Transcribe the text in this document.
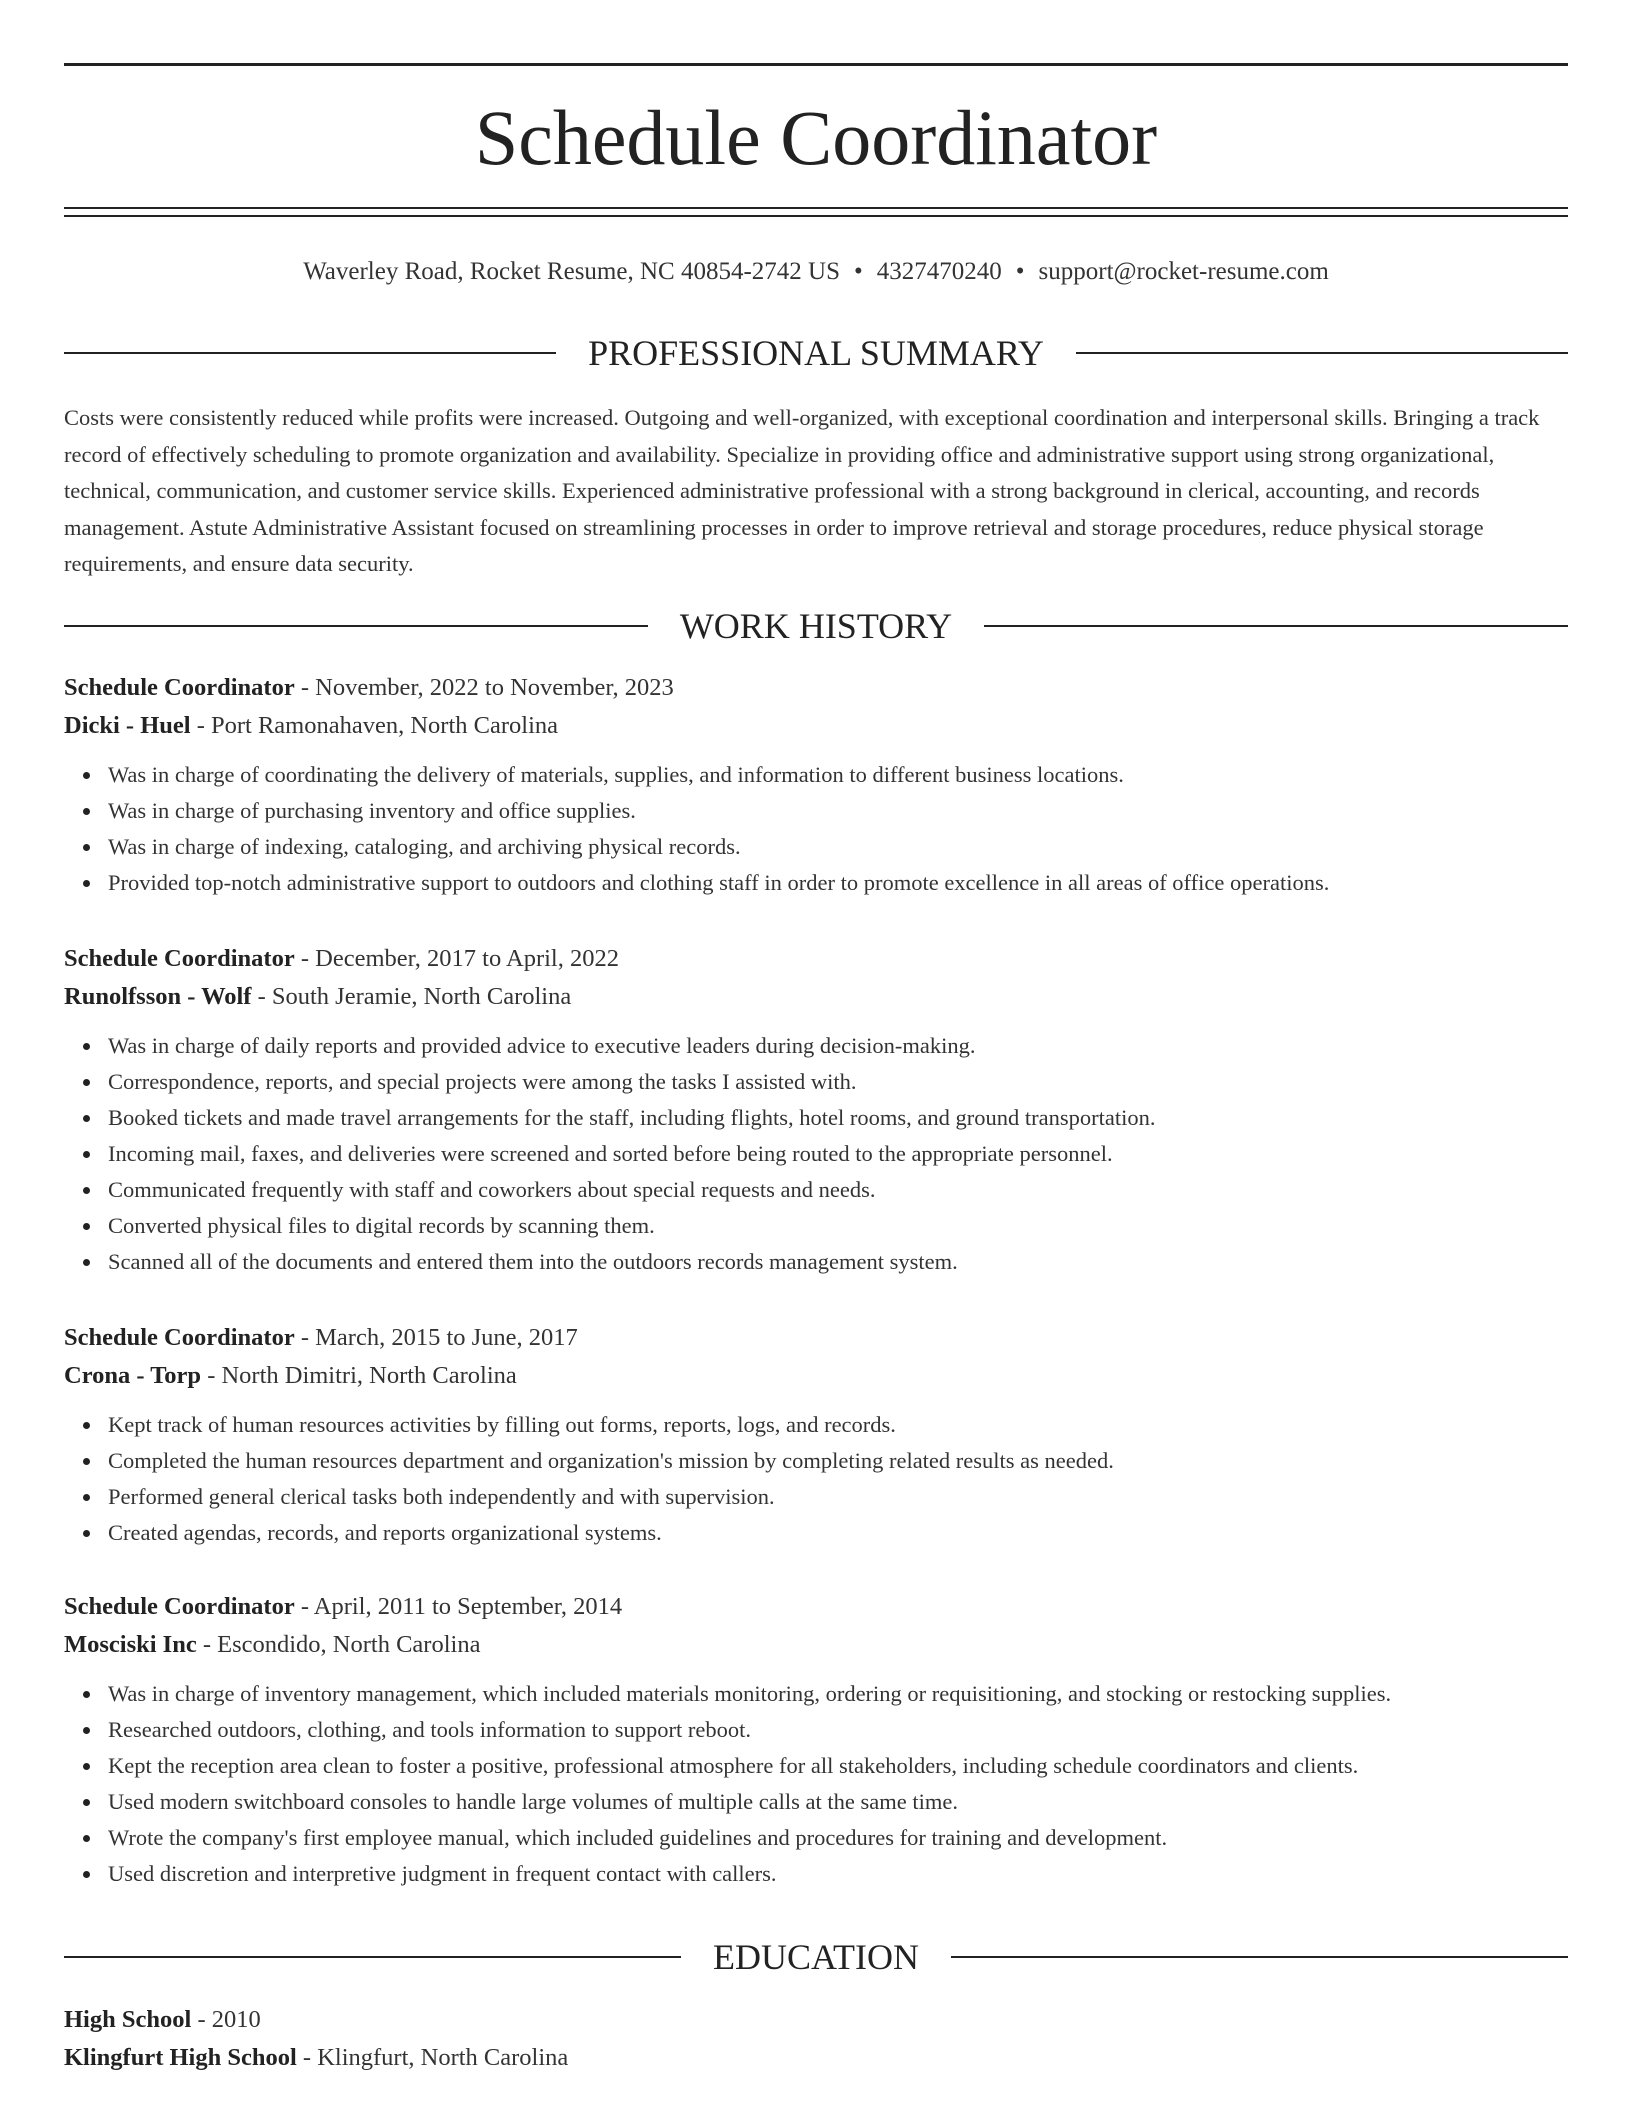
Schedule Coordinator
Waverley Road, Rocket Resume, NC 40854-2742 US • 4327470240 • support@rocket-resume.com
PROFESSIONAL SUMMARY

Costs were consistently reduced while profits were increased. Outgoing and well-organized, with exceptional coordination and interpersonal skills. Bringing a track record of effectively scheduling to promote organization and availability. Specialize in providing office and administrative support using strong organizational, technical, communication, and customer service skills. Experienced administrative professional with a strong background in clerical, accounting, and records management. Astute Administrative Assistant focused on streamlining processes in order to improve retrieval and storage procedures, reduce physical storage requirements, and ensure data security.

WORK HISTORY
Schedule Coordinator - November, 2022 to November, 2023
Dicki - Huel - Port Ramonahaven, North Carolina
Was in charge of coordinating the delivery of materials, supplies, and information to different business locations.
Was in charge of purchasing inventory and office supplies.
Was in charge of indexing, cataloging, and archiving physical records.
Provided top-notch administrative support to outdoors and clothing staff in order to promote excellence in all areas of office operations.
Schedule Coordinator - December, 2017 to April, 2022
Runolfsson - Wolf - South Jeramie, North Carolina
Was in charge of daily reports and provided advice to executive leaders during decision-making.
Correspondence, reports, and special projects were among the tasks I assisted with.
Booked tickets and made travel arrangements for the staff, including flights, hotel rooms, and ground transportation.
Incoming mail, faxes, and deliveries were screened and sorted before being routed to the appropriate personnel.
Communicated frequently with staff and coworkers about special requests and needs.
Converted physical files to digital records by scanning them.
Scanned all of the documents and entered them into the outdoors records management system.
Schedule Coordinator - March, 2015 to June, 2017
Crona - Torp - North Dimitri, North Carolina
Kept track of human resources activities by filling out forms, reports, logs, and records.
Completed the human resources department and organization's mission by completing related results as needed.
Performed general clerical tasks both independently and with supervision.
Created agendas, records, and reports organizational systems.
Schedule Coordinator - April, 2011 to September, 2014
Mosciski Inc - Escondido, North Carolina
Was in charge of inventory management, which included materials monitoring, ordering or requisitioning, and stocking or restocking supplies.
Researched outdoors, clothing, and tools information to support reboot.
Kept the reception area clean to foster a positive, professional atmosphere for all stakeholders, including schedule coordinators and clients.
Used modern switchboard consoles to handle large volumes of multiple calls at the same time.
Wrote the company's first employee manual, which included guidelines and procedures for training and development.
Used discretion and interpretive judgment in frequent contact with callers.
EDUCATION
High School - 2010
Klingfurt High School - Klingfurt, North Carolina
